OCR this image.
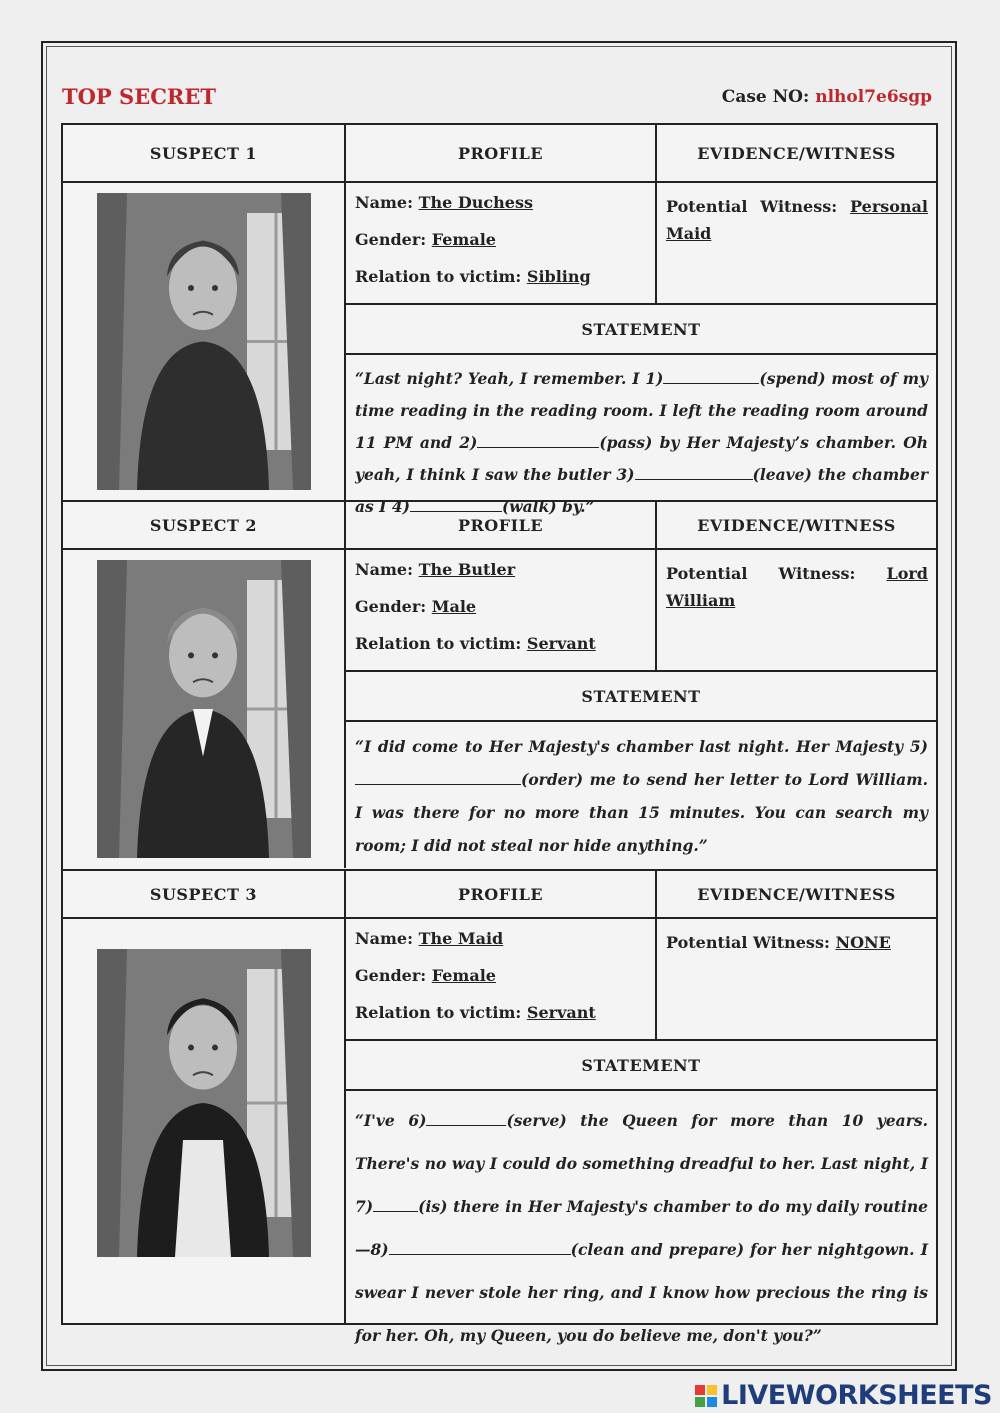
TOP SECRET	Case NO: nlhol7e6sgp
SUSPECT 1	PROFILE	EVIDENCE/WITNESS
Name: The Duchess
Gender: Female
Relation to victim: Sibling
Potential Witness: Personal Maid
STATEMENT
“Last night? Yeah, I remember. I 1)	(spend) most of my time reading in the reading room. I left the reading room around 11 PM and 2)	(pass) by Her Majesty’s chamber. Oh yeah, I think I saw the butler 3)	(leave) the chamber as I 4)	(walk) by.”
SUSPECT 2	PROFILE	EVIDENCE/WITNESS
Name: The Butler
Gender: Male
Relation to victim: Servant
Potential Witness: Lord William
STATEMENT
“I did come to Her Majesty's chamber last night. Her Majesty 5)(order) me to send her letter to Lord William. I was there for no more than 15 minutes. You can search my room; I did not steal nor hide anything.”
SUSPECT 3	PROFILE	EVIDENCE/WITNESS
Name: The Maid
Gender: Female
Relation to victim: Servant
Potential Witness: NONE
STATEMENT
“I've 6)	(serve) the Queen for more than 10 years. There's no way I could do something dreadful to her. Last night, I 7)	(is) there in Her Majesty's chamber to do my daily routine—8)	(clean and prepare) for her nightgown. I swear I never stole her ring, and I know how precious the ring is for her. Oh, my Queen, you do believe me, don't you?”
LIVEWORKSHEETS
